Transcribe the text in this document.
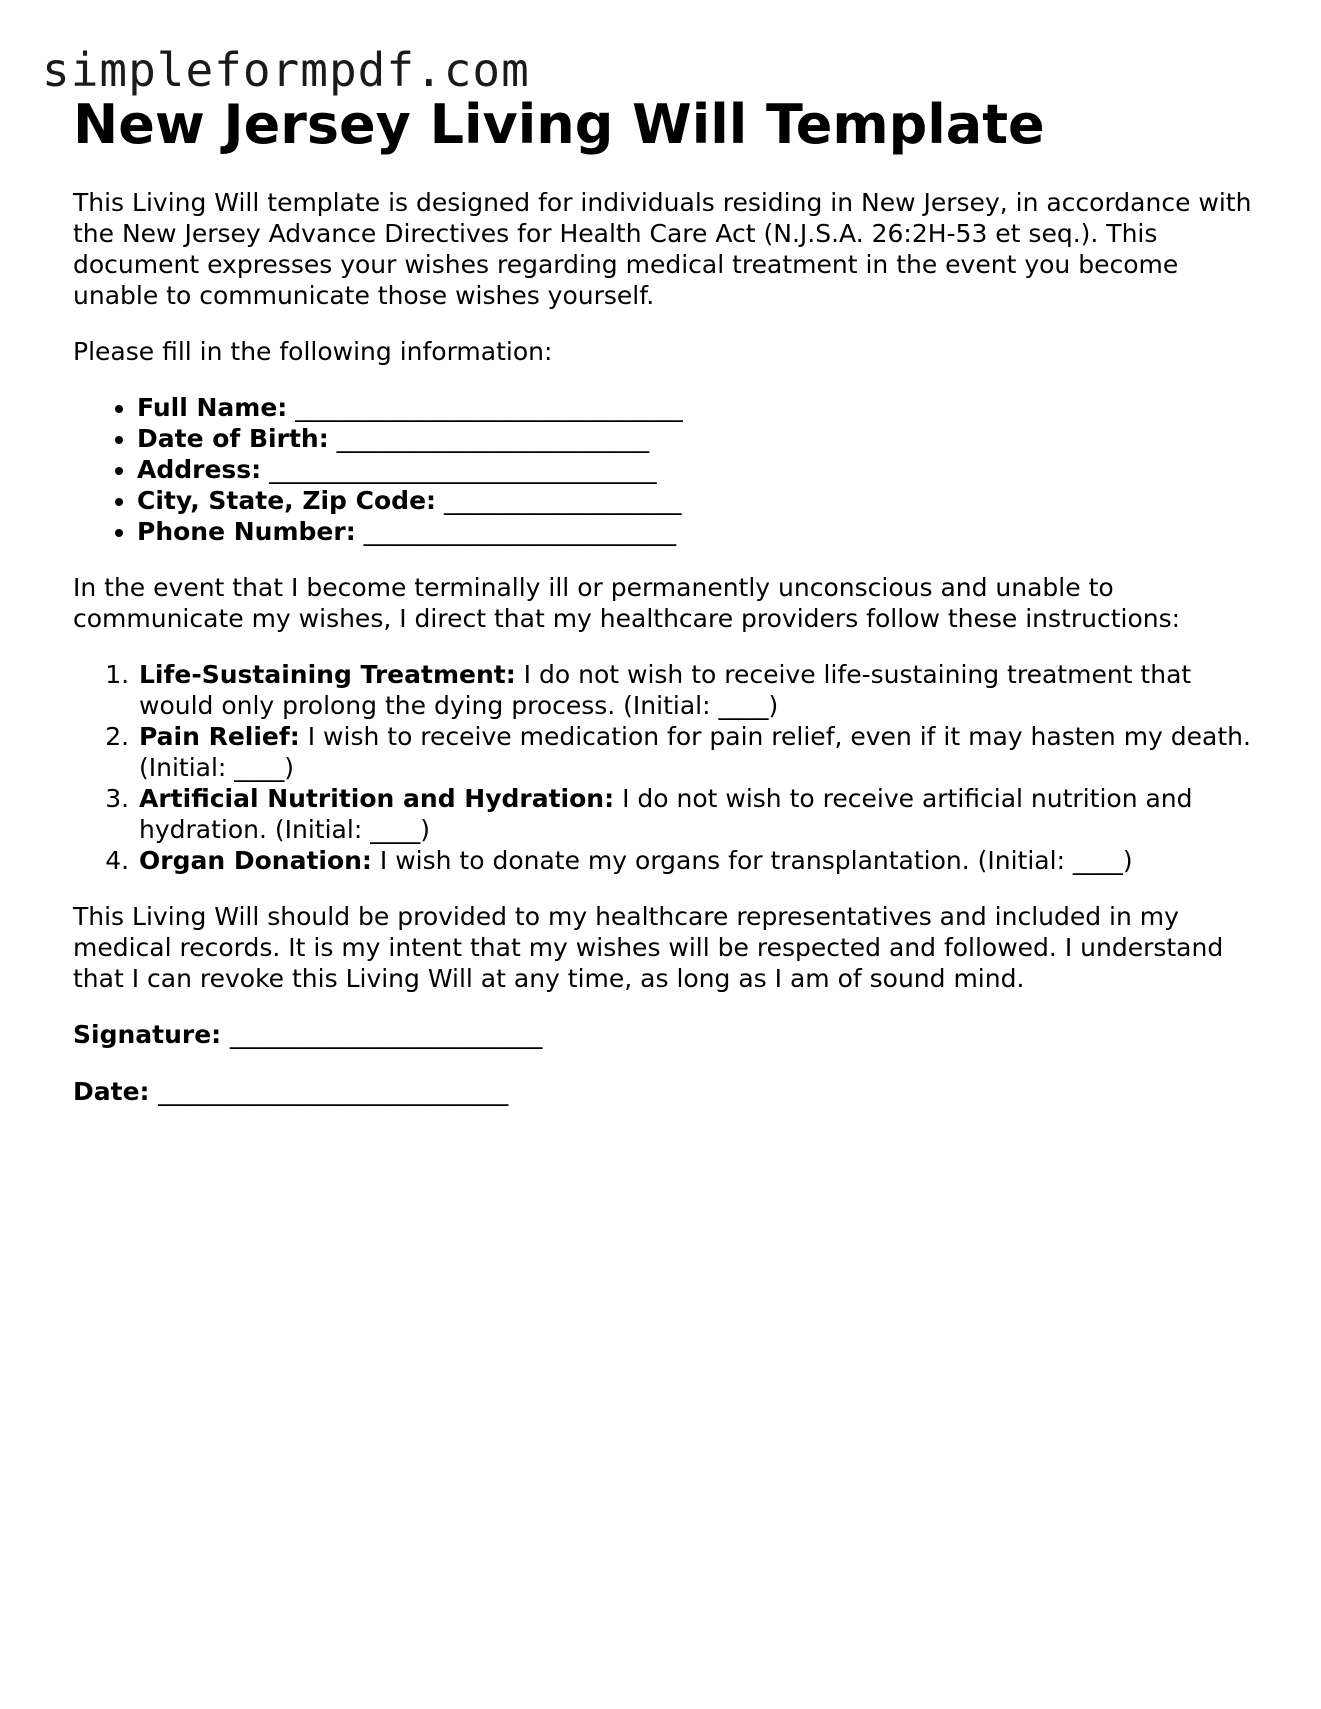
simpleformpdf.com
New Jersey Living Will Template

This Living Will template is designed for individuals residing in New Jersey, in accordance with the New Jersey Advance Directives for Health Care Act (N.J.S.A. 26:2H-53 et seq.). This document expresses your wishes regarding medical treatment in the event you become unable to communicate those wishes yourself.

Please fill in the following information:

• Full Name: _______________________________
• Date of Birth: _________________________
• Address: _______________________________
• City, State, Zip Code: ___________________
• Phone Number: _________________________

In the event that I become terminally ill or permanently unconscious and unable to communicate my wishes, I direct that my healthcare providers follow these instructions:

1. Life-Sustaining Treatment: I do not wish to receive life-sustaining treatment that would only prolong the dying process. (Initial: ____)
2. Pain Relief: I wish to receive medication for pain relief, even if it may hasten my death. (Initial: ____)
3. Artificial Nutrition and Hydration: I do not wish to receive artificial nutrition and hydration. (Initial: ____)
4. Organ Donation: I wish to donate my organs for transplantation. (Initial: ____)

This Living Will should be provided to my healthcare representatives and included in my medical records. It is my intent that my wishes will be respected and followed. I understand that I can revoke this Living Will at any time, as long as I am of sound mind.

Signature: _________________________

Date: ____________________________
